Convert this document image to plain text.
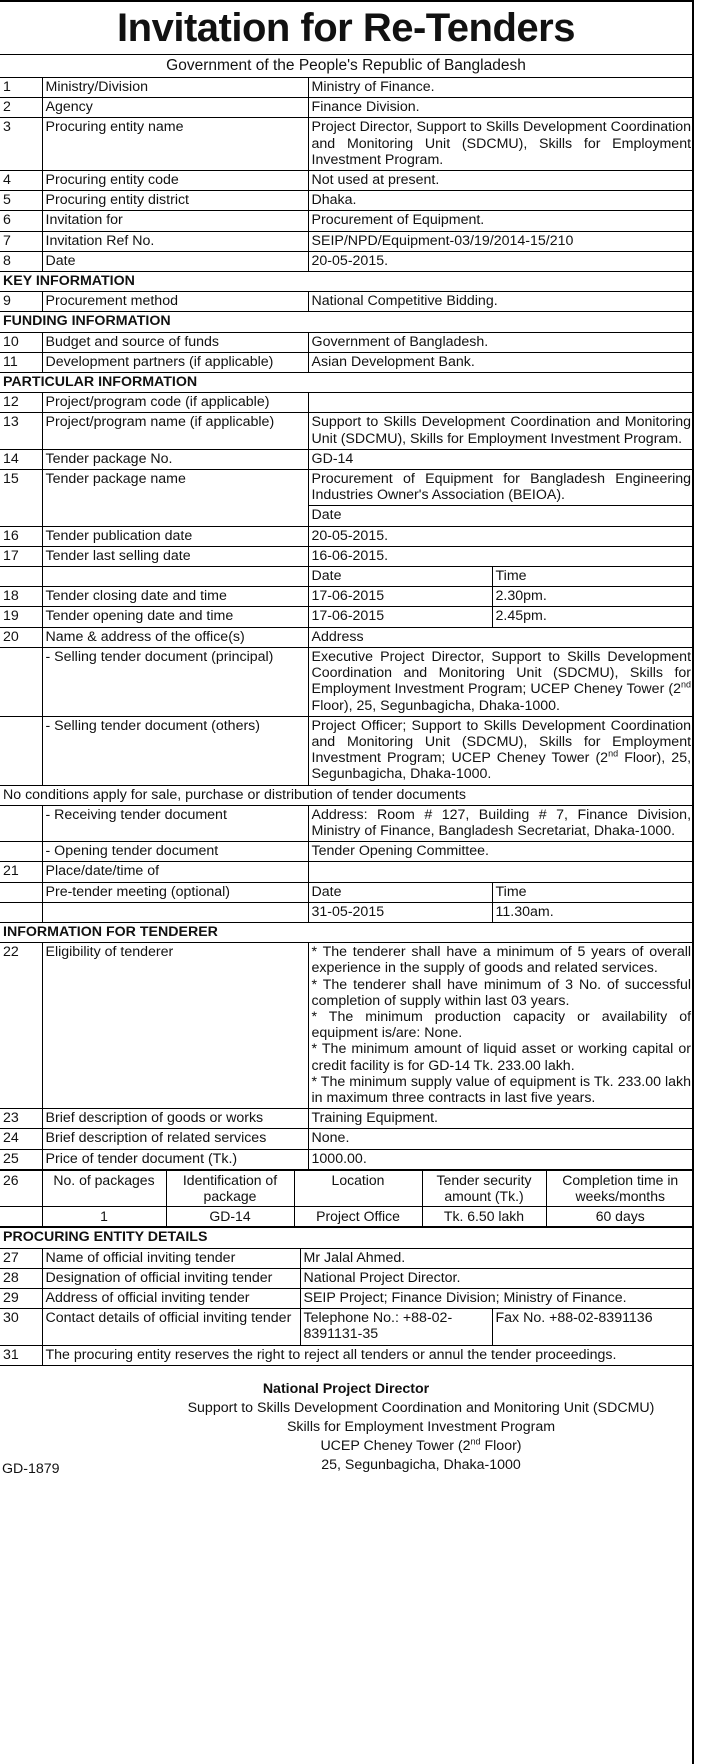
Invitation for Re-Tenders
Government of the People's Republic of Bangladesh
1	Ministry/Division	Ministry of Finance.	
2	Agency	Finance Division.	
3	Procuring entity name	Project Director, Support to Skills Development Coordination and Monitoring Unit (SDCMU), Skills for Employment Investment Program.	
4	Procuring entity code	Not used at present.	
5	Procuring entity district	Dhaka.	
6	Invitation for	Procurement of Equipment.	
7	Invitation Ref No.	SEIP/NPD/Equipment-03/19/2014-15/210	
8	Date	20-05-2015.	
KEY INFORMATION			
9	Procurement method	National Competitive Bidding.	
FUNDING INFORMATION			
10	Budget and source of funds	Government of Bangladesh.	
11	Development partners (if applicable)	Asian Development Bank.	
PARTICULAR INFORMATION			
12	Project/program code (if applicable)		
13	Project/program name (if applicable)	Support to Skills Development Coordination and Monitoring Unit (SDCMU), Skills for Employment Investment Program.	
14	Tender package No.	GD-14	
15	Tender package name	Procurement of Equipment for Bangladesh Engineering Industries Owner's Association (BEIOA).	
		Date	
16	Tender publication date	20-05-2015.	
17	Tender last selling date	16-06-2015.	
		Date	Time
18	Tender closing date and time	17-06-2015	2.30pm.
19	Tender opening date and time	17-06-2015	2.45pm.
20	Name & address of the office(s)	Address	
	- Selling tender document (principal)	Executive Project Director, Support to Skills Development Coordination and Monitoring Unit (SDCMU), Skills for Employment Investment Program; UCEP Cheney Tower (2nd Floor), 25, Segunbagicha, Dhaka-1000.	
	- Selling tender document (others)	Project Officer; Support to Skills Development Coordination and Monitoring Unit (SDCMU), Skills for Employment Investment Program; UCEP Cheney Tower (2nd Floor), 25, Segunbagicha, Dhaka-1000.	
No conditions apply for sale, purchase or distribution of tender documents			
	- Receiving tender document	Address: Room # 127, Building # 7, Finance Division, Ministry of Finance, Bangladesh Secretariat, Dhaka-1000.	
	- Opening tender document	Tender Opening Committee.	
21	Place/date/time of		
	Pre-tender meeting (optional)	Date	Time
		31-05-2015	11.30am.
INFORMATION FOR TENDERER			
22	Eligibility of tenderer	* The tenderer shall have a minimum of 5 years of overall experience in the supply of goods and related services.
* The tenderer shall have minimum of 3 No. of successful completion of supply within last 03 years.
* The minimum production capacity or availability of equipment is/are: None.
* The minimum amount of liquid asset or working capital or credit facility is for GD-14 Tk. 233.00 lakh.
* The minimum supply value of equipment is Tk. 233.00 lakh in maximum three contracts in last five years.	

23	Brief description of goods or works	Training Equipment.	
24	Brief description of related services	None.	
25	Price of tender document (Tk.)	1000.00.	
26	No. of packages	Identification of package	Location	Tender security amount (Tk.)	Completion time in weeks/months
	1	GD-14	Project Office	Tk. 6.50 lakh	60 days
PROCURING ENTITY DETAILS			
27	Name of official inviting tender	Mr Jalal Ahmed.	
28	Designation of official inviting tender	National Project Director.	
29	Address of official inviting tender	SEIP Project; Finance Division; Ministry of Finance.	
30	Contact details of official inviting tender	Telephone No.: +88-02-8391131-35	Fax No. +88-02-8391136
31	The procuring entity reserves the right to reject all tenders or annul the tender proceedings.		
National Project Director
Support to Skills Development Coordination and Monitoring Unit (SDCMU)
Skills for Employment Investment Program
UCEP Cheney Tower (2nd Floor)
25, Segunbagicha, Dhaka-1000
GD-1879
